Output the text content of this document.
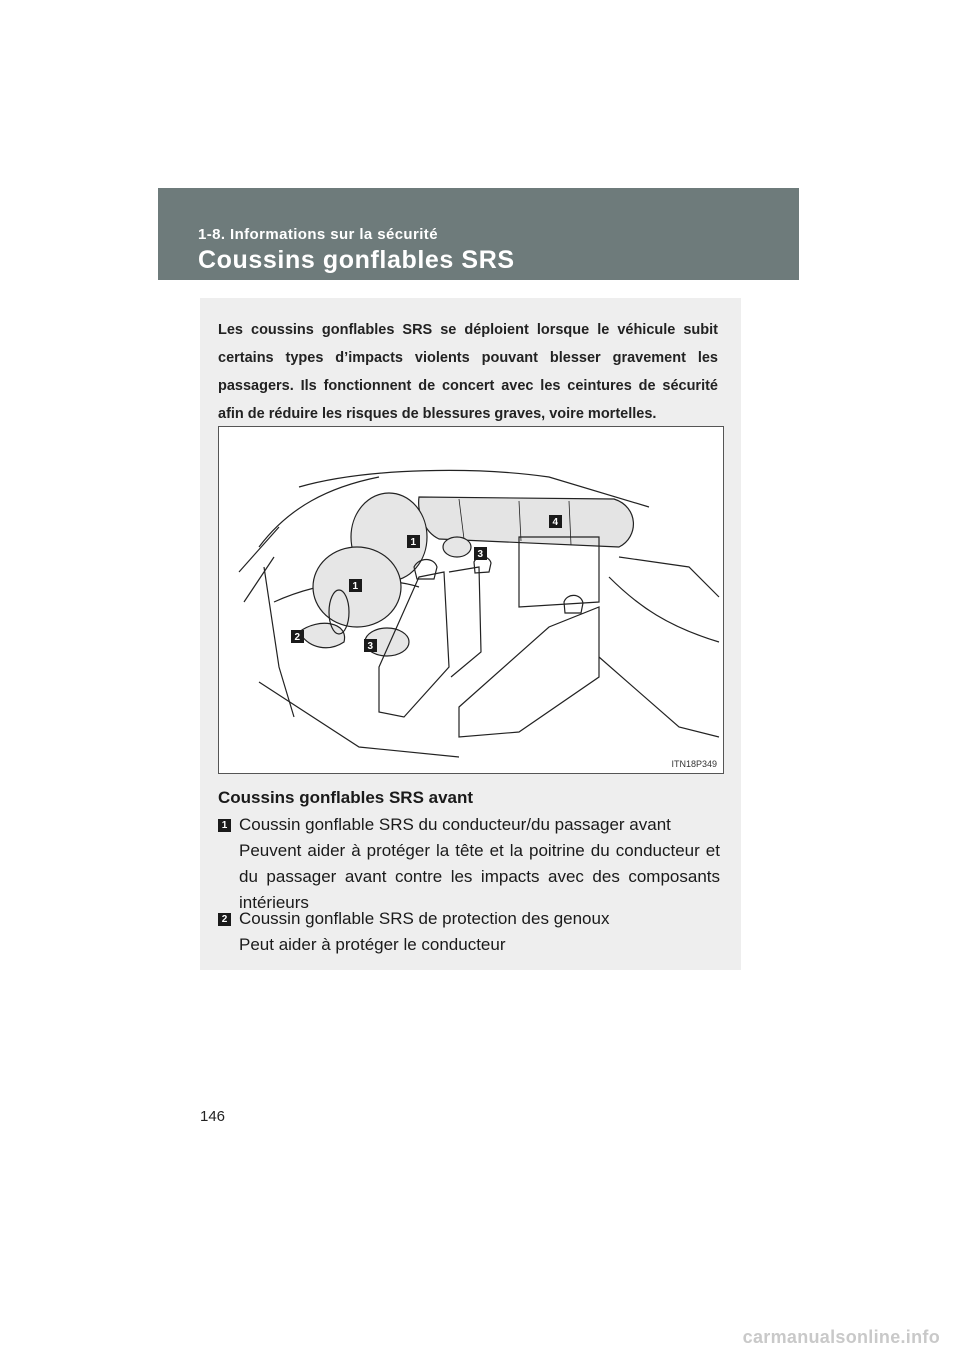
1-8. Informations sur la sécurité
Coussins gonflables SRS
Les coussins gonflables SRS se déploient lorsque le véhicule subit certains types d’impacts violents pouvant blesser gravement les passagers. Ils fonctionnent de concert avec les ceintures de sécurité afin de réduire les risques de blessures graves, voire mortelles.
1
1
2
3
3
4
ITN18P349
Coussins gonflables SRS avant
1 Coussin gonflable SRS du conducteur/du passager avant
Peuvent aider à protéger la tête et la poitrine du conducteur et du passager avant contre les impacts avec des composants intérieurs
2 Coussin gonflable SRS de protection des genoux
Peut aider à protéger le conducteur
146
carmanualsonline.info
